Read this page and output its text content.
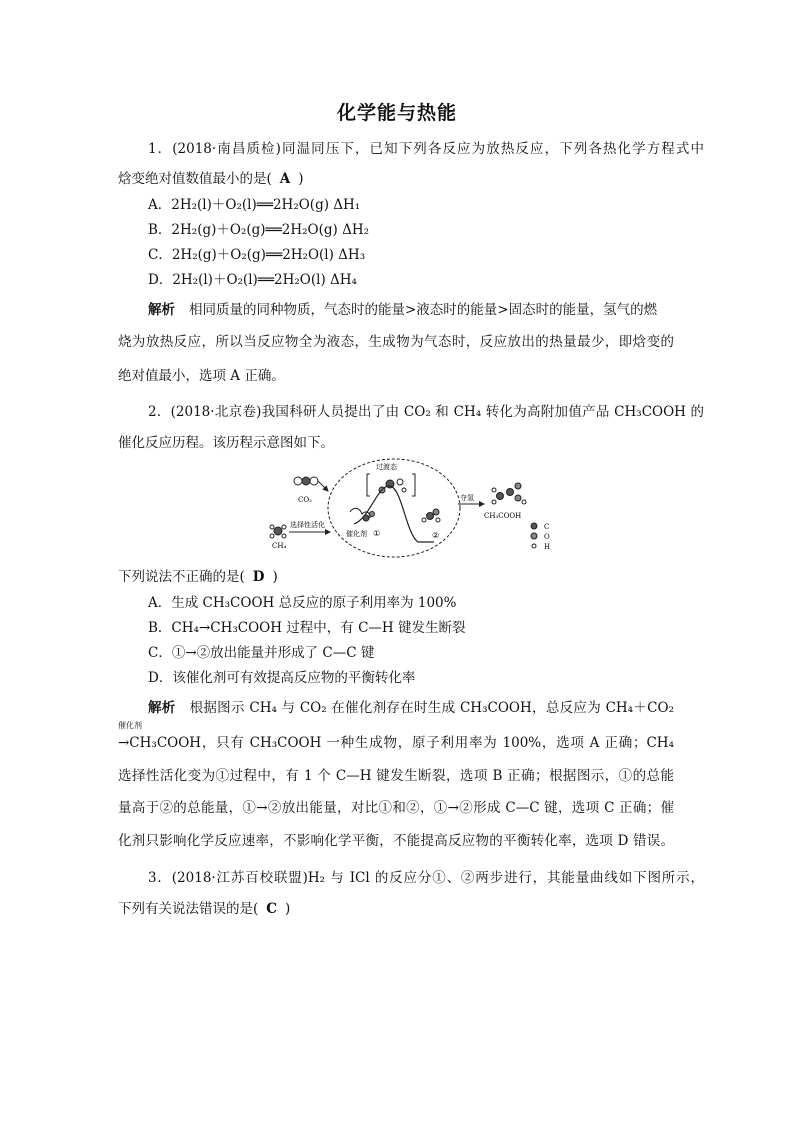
化学能与热能
1．(2018·南昌质检)同温同压下，已知下列各反应为放热反应，下列各热化学方程式中
焓变绝对值数值最小的是( A )
A．2H₂(l)＋O₂(l)══2H₂O(g) ΔH₁
B．2H₂(g)＋O₂(g)══2H₂O(g) ΔH₂
C．2H₂(g)＋O₂(g)══2H₂O(l) ΔH₃
D．2H₂(l)＋O₂(l)══2H₂O(l) ΔH₄
解析 相同质量的同种物质，气态时的能量>液态时的能量>固态时的能量，氢气的燃
烧为放热反应，所以当反应物全为液态，生成物为气态时，反应放出的热量最少，即焓变的
绝对值最小，选项 A 正确。
2．(2018·北京卷)我国科研人员提出了由 CO₂ 和 CH₄ 转化为高附加值产品 CH₃COOH 的
催化反应历程。该历程示意图如下。
CO₂
CH₄
选择性活化
过渡态
催化剂 ①	②
夺氢
CH₃COOH
C
O
H
下列说法不正确的是( D )
A．生成 CH₃COOH 总反应的原子利用率为 100%
B．CH₄→CH₃COOH 过程中，有 C—H 键发生断裂
C．①→②放出能量并形成了 C—C 键
D．该催化剂可有效提高反应物的平衡转化率
解析 根据图示 CH₄ 与 CO₂ 在催化剂存在时生成 CH₃COOH，总反应为 CH₄＋CO₂
催化剂
→CH₃COOH，只有 CH₃COOH 一种生成物，原子利用率为 100%，选项 A 正确；CH₄
选择性活化变为①过程中，有 1 个 C—H 键发生断裂，选项 B 正确；根据图示，①的总能
量高于②的总能量，①→②放出能量，对比①和②，①→②形成 C—C 键，选项 C 正确；催
化剂只影响化学反应速率，不影响化学平衡，不能提高反应物的平衡转化率，选项 D 错误。
3．(2018·江苏百校联盟)H₂ 与 ICl 的反应分①、②两步进行，其能量曲线如下图所示，
下列有关说法错误的是( C )
